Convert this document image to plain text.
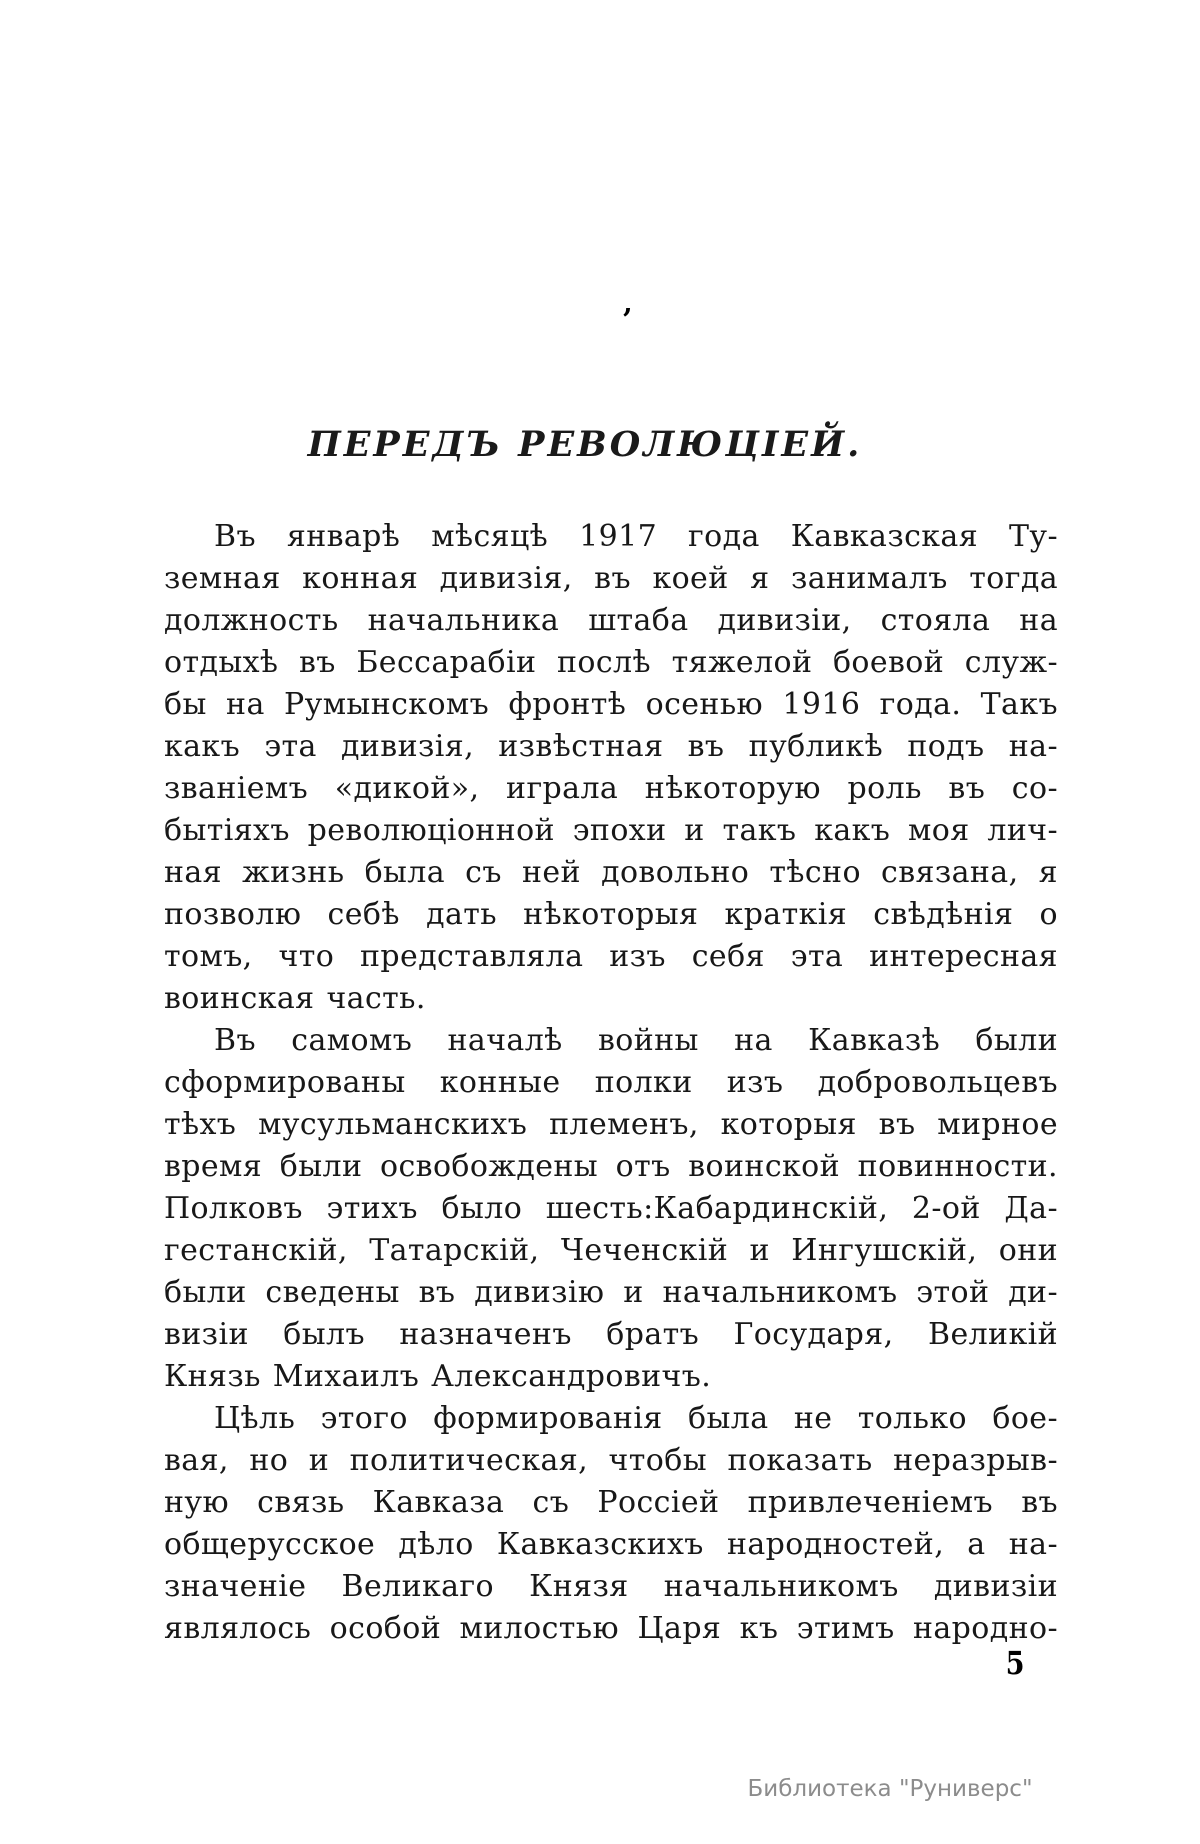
’
ПЕРЕДЪ РЕВОЛЮЦІЕЙ.
Въ январѣ мѣсяцѣ 1917 года Кавказская Ту-
земная конная дивизія, въ коей я занималъ тогда
должность начальника штаба дивизіи, стояла на
отдыхѣ въ Бессарабіи послѣ тяжелой боевой служ-
бы на Румынскомъ фронтѣ осенью 1916 года. Такъ
какъ эта дивизія, извѣстная въ публикѣ подъ на-
званіемъ «дикой», играла нѣкоторую роль въ со-
бытіяхъ революціонной эпохи и такъ какъ моя лич-
ная жизнь была съ ней довольно тѣсно связана, я
позволю себѣ дать нѣкоторыя краткія свѣдѣнія о
томъ, что представляла изъ себя эта интересная
воинская часть.
Въ самомъ началѣ войны на Кавказѣ были
сформированы конные полки изъ добровольцевъ
тѣхъ мусульманскихъ племенъ, которыя въ мирное
время были освобождены отъ воинской повинности.
Полковъ этихъ было шесть:Кабардинскій, 2-ой Да-
гестанскій, Татарскій, Чеченскій и Ингушскій, они
были сведены въ дивизію и начальникомъ этой ди-
визіи былъ назначенъ братъ Государя, Великій
Князь Михаилъ Александровичъ.
Цѣль этого формированія была не только бое-
вая, но и политическая, чтобы показать неразрыв-
ную связь Кавказа съ Россіей привлеченіемъ въ
общерусское дѣло Кавказскихъ народностей, а на-
значеніе Великаго Князя начальникомъ дивизіи
являлось особой милостью Царя къ этимъ народно-
5
Библиотека "Руниверс"
